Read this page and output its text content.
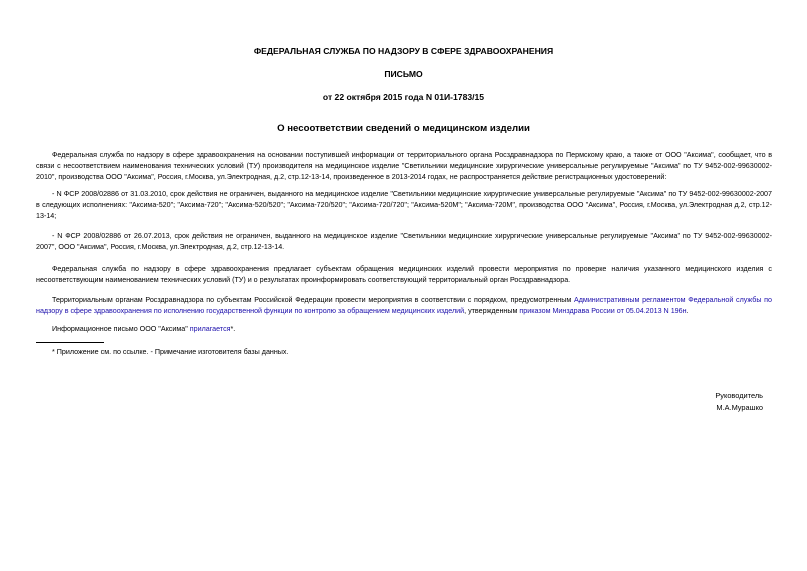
ФЕДЕРАЛЬНАЯ СЛУЖБА ПО НАДЗОРУ В СФЕРЕ ЗДРАВООХРАНЕНИЯ
ПИСЬМО
от 22 октября 2015 года N 01И-1783/15
О несоответствии сведений о медицинском изделии
Федеральная служба по надзору в сфере здравоохранения на основании поступившей информации от территориального органа Росздравнадзора по Пермскому краю, а также от ООО "Аксима", сообщает, что в связи с несоответствием наименования технических условий (ТУ) производителя на медицинское изделие "Светильники медицинские хирургические универсальные регулируемые "Аксима" по ТУ 9452-002-99630002-2010", производства ООО "Аксима", Россия, г.Москва, ул.Электродная, д.2, стр.12-13-14, произведенное в 2013-2014 годах, не распространяется действие регистрационных удостоверений:
- N ФСР 2008/02886 от 31.03.2010, срок действия не ограничен, выданного на медицинское изделие "Светильники медицинские хирургические универсальные регулируемые "Аксима" по ТУ 9452-002-99630002-2007 в следующих исполнениях: "Аксима-520"; "Аксима-720"; "Аксима-520/520"; "Аксима-720/520"; "Аксима-720/720"; "Аксима-520М"; "Аксима-720М", производства ООО "Аксима", Россия, г.Москва, ул.Электродная д.2, стр.12-13-14;
- N ФСР 2008/02886 от 26.07.2013, срок действия не ограничен, выданного на медицинское изделие "Светильники медицинские хирургические универсальные регулируемые "Аксима" по ТУ 9452-002-99630002-2007", ООО "Аксима", Россия, г.Москва, ул.Электродная, д.2, стр.12-13-14.
Федеральная служба по надзору в сфере здравоохранения предлагает субъектам обращения медицинских изделий провести мероприятия по проверке наличия указанного медицинского изделия с несоответствующим наименованием технических условий (ТУ) и о результатах проинформировать соответствующий территориальный орган Росздравнадзора.
Территориальным органам Росздравнадзора по субъектам Российской Федерации провести мероприятия в соответствии с порядком, предусмотренным Административным регламентом Федеральной службы по надзору в сфере здравоохранения по исполнению государственной функции по контролю за обращением медицинских изделий, утвержденным приказом Минздрава России от 05.04.2013 N 196н.
Информационное письмо ООО "Аксима" прилагается*.
* Приложение см. по ссылке. - Примечание изготовителя базы данных.
Руководитель
М.А.Мурашко
